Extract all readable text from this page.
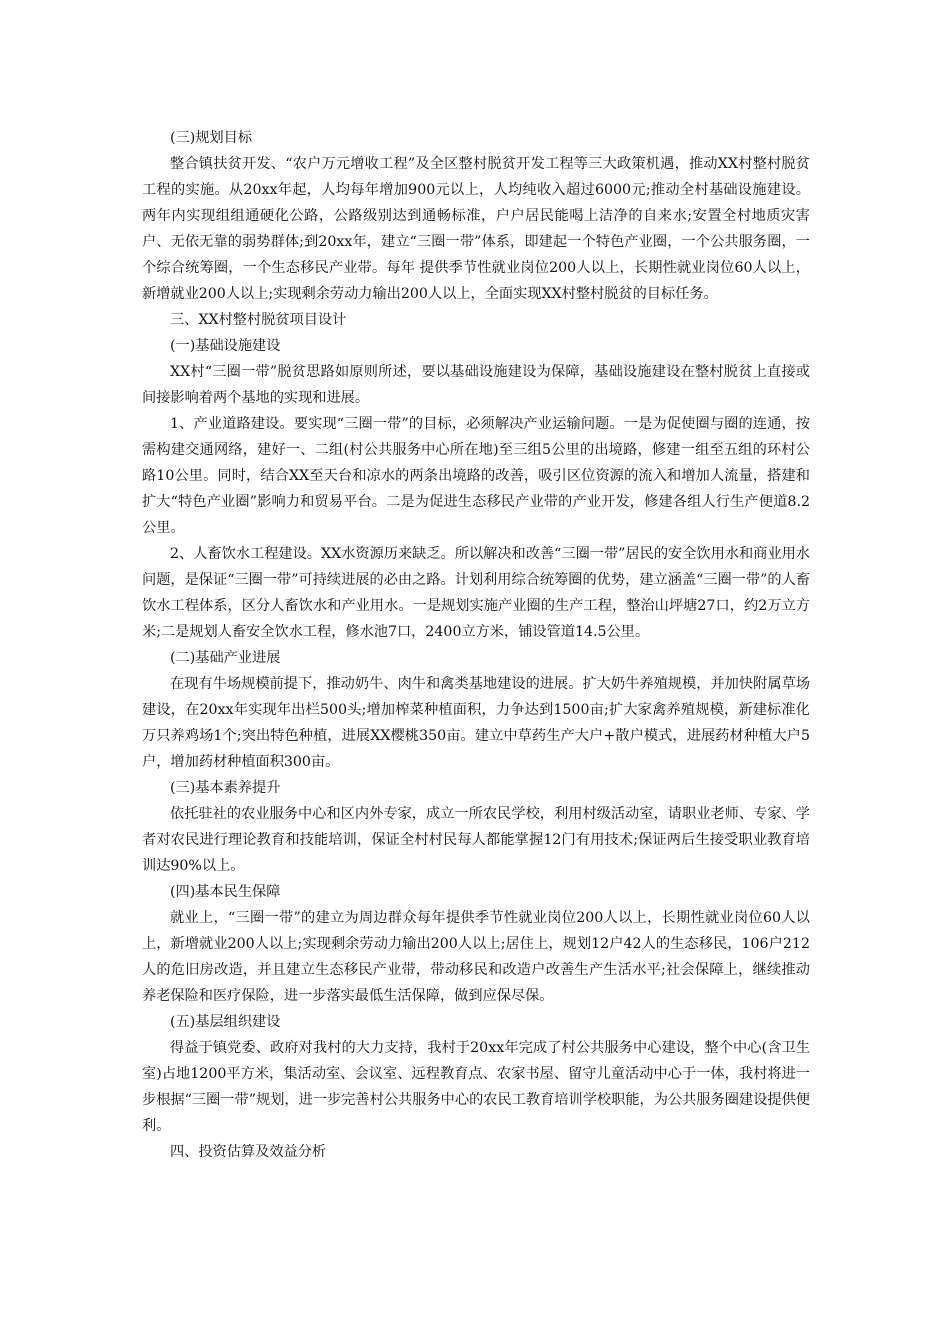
(三)规划目标

整合镇扶贫开发、“农户万元增收工程”及全区整村脱贫开发工程等三大政策机遇，推动XX村整村脱贫工程的实施。从20xx年起，人均每年增加900元以上，人均纯收入超过6000元;推动全村基础设施建设。两年内实现组组通硬化公路，公路级别达到通畅标准，户户居民能喝上洁净的自来水;安置全村地质灾害户、无依无靠的弱势群体;到20xx年，建立“三圈一带”体系，即建起一个特色产业圈，一个公共服务圈，一个综合统筹圈，一个生态移民产业带。每年 提供季节性就业岗位200人以上，长期性就业岗位60人以上，新增就业200人以上;实现剩余劳动力输出200人以上，全面实现XX村整村脱贫的目标任务。

三、XX村整村脱贫项目设计

(一)基础设施建设

XX村“三圈一带”脱贫思路如原则所述，要以基础设施建设为保障，基础设施建设在整村脱贫上直接或间接影响着两个基地的实现和进展。

1、产业道路建设。要实现“三圈一带”的目标，必须解决产业运输问题。一是为促使圈与圈的连通，按需构建交通网络，建好一、二组(村公共服务中心所在地)至三组5公里的出境路，修建一组至五组的环村公路10公里。同时，结合XX至天台和凉水的两条出境路的改善，吸引区位资源的流入和增加人流量，搭建和扩大“特色产业圈”影响力和贸易平台。二是为促进生态移民产业带的产业开发，修建各组人行生产便道8.2公里。

2、人畜饮水工程建设。XX水资源历来缺乏。所以解决和改善“三圈一带”居民的安全饮用水和商业用水问题，是保证“三圈一带”可持续进展的必由之路。计划利用综合统筹圈的优势，建立涵盖“三圈一带”的人畜饮水工程体系，区分人畜饮水和产业用水。一是规划实施产业圈的生产工程，整治山坪塘27口，约2万立方米;二是规划人畜安全饮水工程，修水池7口，2400立方米，铺设管道14.5公里。

(二)基础产业进展

在现有牛场规模前提下，推动奶牛、肉牛和禽类基地建设的进展。扩大奶牛养殖规模，并加快附属草场建设，在20xx年实现年出栏500头;增加榨菜种植面积，力争达到1500亩;扩大家禽养殖规模，新建标准化万只养鸡场1个;突出特色种植，进展XX樱桃350亩。建立中草药生产大户+散户模式，进展药材种植大户5户，增加药材种植面积300亩。

(三)基本素养提升

依托驻社的农业服务中心和区内外专家，成立一所农民学校，利用村级活动室，请职业老师、专家、学者对农民进行理论教育和技能培训，保证全村村民每人都能掌握12门有用技术;保证两后生接受职业教育培训达90%以上。

(四)基本民生保障

就业上，“三圈一带”的建立为周边群众每年提供季节性就业岗位200人以上，长期性就业岗位60人以上，新增就业200人以上;实现剩余劳动力输出200人以上;居住上，规划12户42人的生态移民，106户212人的危旧房改造，并且建立生态移民产业带，带动移民和改造户改善生产生活水平;社会保障上，继续推动养老保险和医疗保险，进一步落实最低生活保障，做到应保尽保。

(五)基层组织建设

得益于镇党委、政府对我村的大力支持，我村于20xx年完成了村公共服务中心建设，整个中心(含卫生室)占地1200平方米，集活动室、会议室、远程教育点、农家书屋、留守儿童活动中心于一体，我村将进一步根据“三圈一带”规划，进一步完善村公共服务中心的农民工教育培训学校职能，为公共服务圈建设提供便利。

四、投资估算及效益分析
